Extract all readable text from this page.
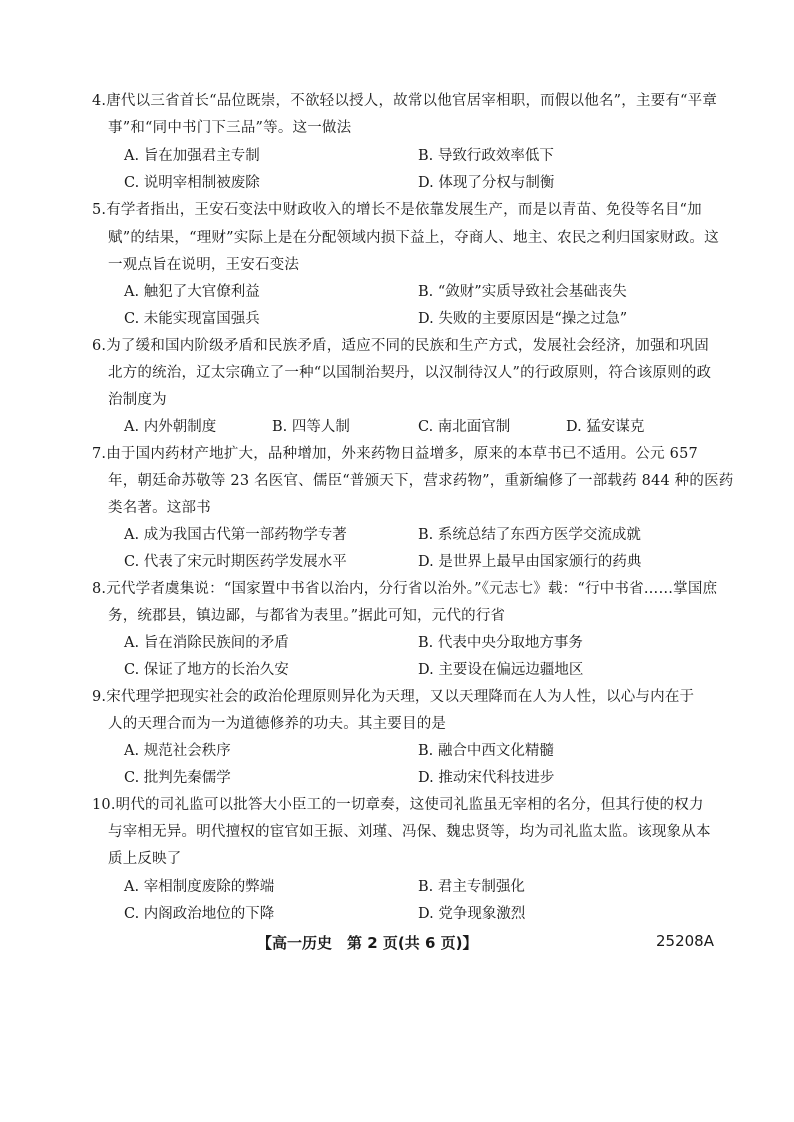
4.唐代以三省首长“品位既崇，不欲轻以授人，故常以他官居宰相职，而假以他名”，主要有“平章
事”和“同中书门下三品”等。这一做法
A. 旨在加强君主专制	B. 导致行政效率低下
C. 说明宰相制被废除	D. 体现了分权与制衡
5.有学者指出，王安石变法中财政收入的增长不是依靠发展生产，而是以青苗、免役等名目“加
赋”的结果，“理财”实际上是在分配领域内损下益上，夺商人、地主、农民之利归国家财政。这
一观点旨在说明，王安石变法
A. 触犯了大官僚利益	B. “敛财”实质导致社会基础丧失
C. 未能实现富国强兵	D. 失败的主要原因是“操之过急”
6.为了缓和国内阶级矛盾和民族矛盾，适应不同的民族和生产方式，发展社会经济，加强和巩固
北方的统治，辽太宗确立了一种“以国制治契丹，以汉制待汉人”的行政原则，符合该原则的政
治制度为
A. 内外朝制度	B. 四等人制	C. 南北面官制	D. 猛安谋克
7.由于国内药材产地扩大，品种增加，外来药物日益增多，原来的本草书已不适用。公元 657
年，朝廷命苏敬等 23 名医官、儒臣“普颁天下，营求药物”，重新编修了一部载药 844 种的医药
类名著。这部书
A. 成为我国古代第一部药物学专著	B. 系统总结了东西方医学交流成就
C. 代表了宋元时期医药学发展水平	D. 是世界上最早由国家颁行的药典
8.元代学者虞集说：“国家置中书省以治内，分行省以治外。”《元志七》载：“行中书省……掌国庶
务，统郡县，镇边鄙，与都省为表里。”据此可知，元代的行省
A. 旨在消除民族间的矛盾	B. 代表中央分取地方事务
C. 保证了地方的长治久安	D. 主要设在偏远边疆地区
9.宋代理学把现实社会的政治伦理原则异化为天理，又以天理降而在人为人性，以心与内在于
人的天理合而为一为道德修养的功夫。其主要目的是
A. 规范社会秩序	B. 融合中西文化精髓
C. 批判先秦儒学	D. 推动宋代科技进步
10.明代的司礼监可以批答大小臣工的一切章奏，这使司礼监虽无宰相的名分，但其行使的权力
与宰相无异。明代擅权的宦官如王振、刘瑾、冯保、魏忠贤等，均为司礼监太监。该现象从本
质上反映了
A. 宰相制度废除的弊端	B. 君主专制强化
C. 内阁政治地位的下降	D. 党争现象激烈
【高一历史　第 2 页(共 6 页)】	25208A
